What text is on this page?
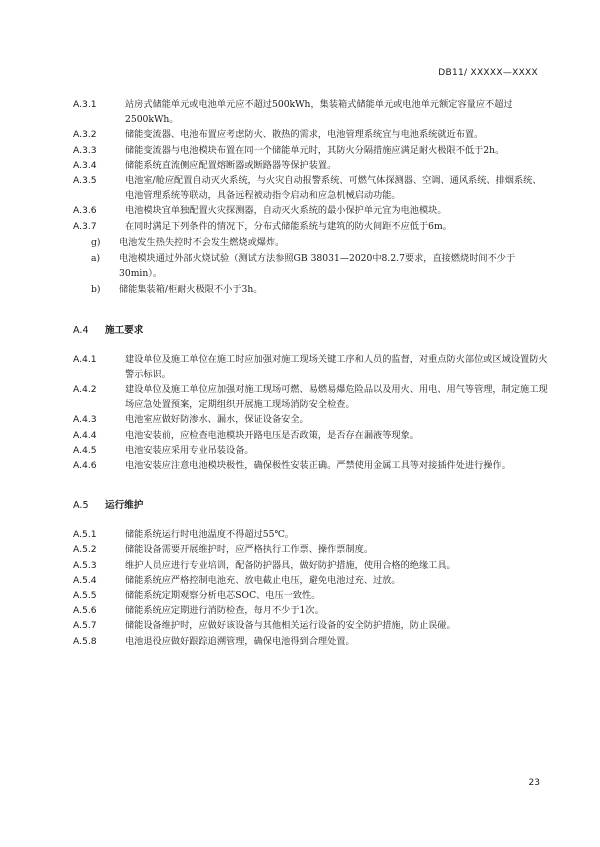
DB11/ XXXXX—XXXX
A.3.1	站房式储能单元或电池单元应不超过500kWh，集装箱式储能单元或电池单元额定容量应不超过2500kWh。
A.3.2	储能变流器、电池布置应考虑防火、散热的需求，电池管理系统宜与电池系统就近布置。
A.3.3	储能变流器与电池模块布置在同一个储能单元时，其防火分隔措施应满足耐火极限不低于2h。
A.3.4	储能系统直流侧应配置熔断器或断路器等保护装置。
A.3.5	电池室/舱应配置自动灭火系统，与火灾自动报警系统、可燃气体探测器、空调、通风系统、排烟系统、电池管理系统等联动，具备远程被动指令启动和应急机械启动功能。
A.3.6	电池模块宜单独配置火灾探测器，自动灭火系统的最小保护单元宜为电池模块。
A.3.7	在同时满足下列条件的情况下，分布式储能系统与建筑的防火间距不应低于6m。
g) 电池发生热失控时不会发生燃烧或爆炸。
a) 电池模块通过外部火烧试验（测试方法参照GB 38031—2020中8.2.7要求，直接燃烧时间不少于30min）。
b) 储能集装箱/柜耐火极限不小于3h。
A.4 施工要求
A.4.1	建设单位及施工单位在施工时应加强对施工现场关键工序和人员的监督，对重点防火部位或区域设置防火警示标识。
A.4.2	建设单位及施工单位应加强对施工现场可燃、易燃易爆危险品以及用火、用电、用气等管理，制定施工现场应急处置预案，定期组织开展施工现场消防安全检查。
A.4.3	电池室应做好防渗水、漏水，保证设备安全。
A.4.4	电池安装前，应检查电池模块开路电压是否政策，是否存在漏液等现象。
A.4.5	电池安装应采用专业吊装设备。
A.4.6	电池安装应注意电池模块极性，确保极性安装正确。严禁使用金属工具等对接插件处进行操作。
A.5 运行维护
A.5.1	储能系统运行时电池温度不得超过55℃。
A.5.2	储能设备需要开展维护时，应严格执行工作票、操作票制度。
A.5.3	维护人员应进行专业培训，配备防护器具，做好防护措施，使用合格的绝缘工具。
A.5.4	储能系统应严格控制电池充、放电截止电压，避免电池过充、过放。
A.5.5	储能系统定期观察分析电芯SOC、电压一致性。
A.5.6	储能系统应定期进行消防检查，每月不少于1次。
A.5.7	储能设备维护时，应做好该设备与其他相关运行设备的安全防护措施，防止误碰。
A.5.8	电池退役应做好跟踪追溯管理，确保电池得到合理处置。
23
